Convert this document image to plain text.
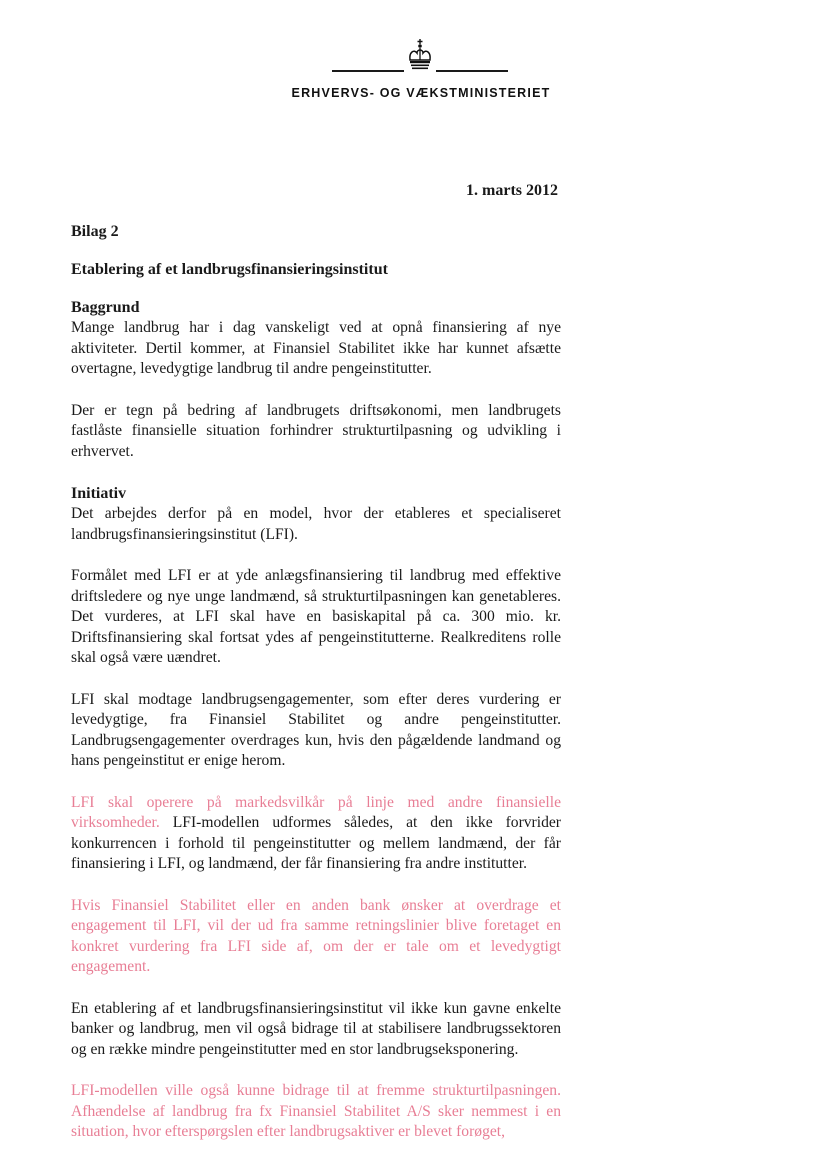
ERHVERVS- OG VÆKSTMINISTERIET
1. marts 2012
Bilag 2
Etablering af et landbrugsfinansieringsinstitut
Baggrund

Mange landbrug har i dag vanskeligt ved at opnå finansiering af nye aktiviteter. Dertil kommer, at Finansiel Stabilitet ikke har kunnet afsætte overtagne, levedygtige landbrug til andre pengeinstitutter.

Der er tegn på bedring af landbrugets driftsøkonomi, men landbrugets fastlåste finansielle situation forhindrer strukturtilpasning og udvikling i erhvervet.

Initiativ

Det arbejdes derfor på en model, hvor der etableres et specialiseret landbrugsfinansieringsinstitut (LFI).

Formålet med LFI er at yde anlægsfinansiering til landbrug med effektive driftsledere og nye unge landmænd, så strukturtilpasningen kan genetableres. Det vurderes, at LFI skal have en basiskapital på ca. 300 mio. kr. Driftsfinansiering skal fortsat ydes af pengeinstitutterne. Realkreditens rolle skal også være uændret.

LFI skal modtage landbrugsengagementer, som efter deres vurdering er levedygtige, fra Finansiel Stabilitet og andre pengeinstitutter. Landbrugsengagementer overdrages kun, hvis den pågældende landmand og hans pengeinstitut er enige herom.

LFI skal operere på markedsvilkår på linje med andre finansielle virksomheder. LFI-modellen udformes således, at den ikke forvrider konkurrencen i forhold til pengeinstitutter og mellem landmænd, der får finansiering i LFI, og landmænd, der får finansiering fra andre institutter.

Hvis Finansiel Stabilitet eller en anden bank ønsker at overdrage et engagement til LFI, vil der ud fra samme retningslinier blive foretaget en konkret vurdering fra LFI side af, om der er tale om et levedygtigt engagement.

En etablering af et landbrugsfinansieringsinstitut vil ikke kun gavne enkelte banker og landbrug, men vil også bidrage til at stabilisere landbrugssektoren og en række mindre pengeinstitutter med en stor landbrugseksponering.

LFI-modellen ville også kunne bidrage til at fremme strukturtilpasningen. Afhændelse af landbrug fra fx Finansiel Stabilitet A/S sker nemmest i en situation, hvor efterspørgslen efter landbrugsaktiver er blevet forøget,
